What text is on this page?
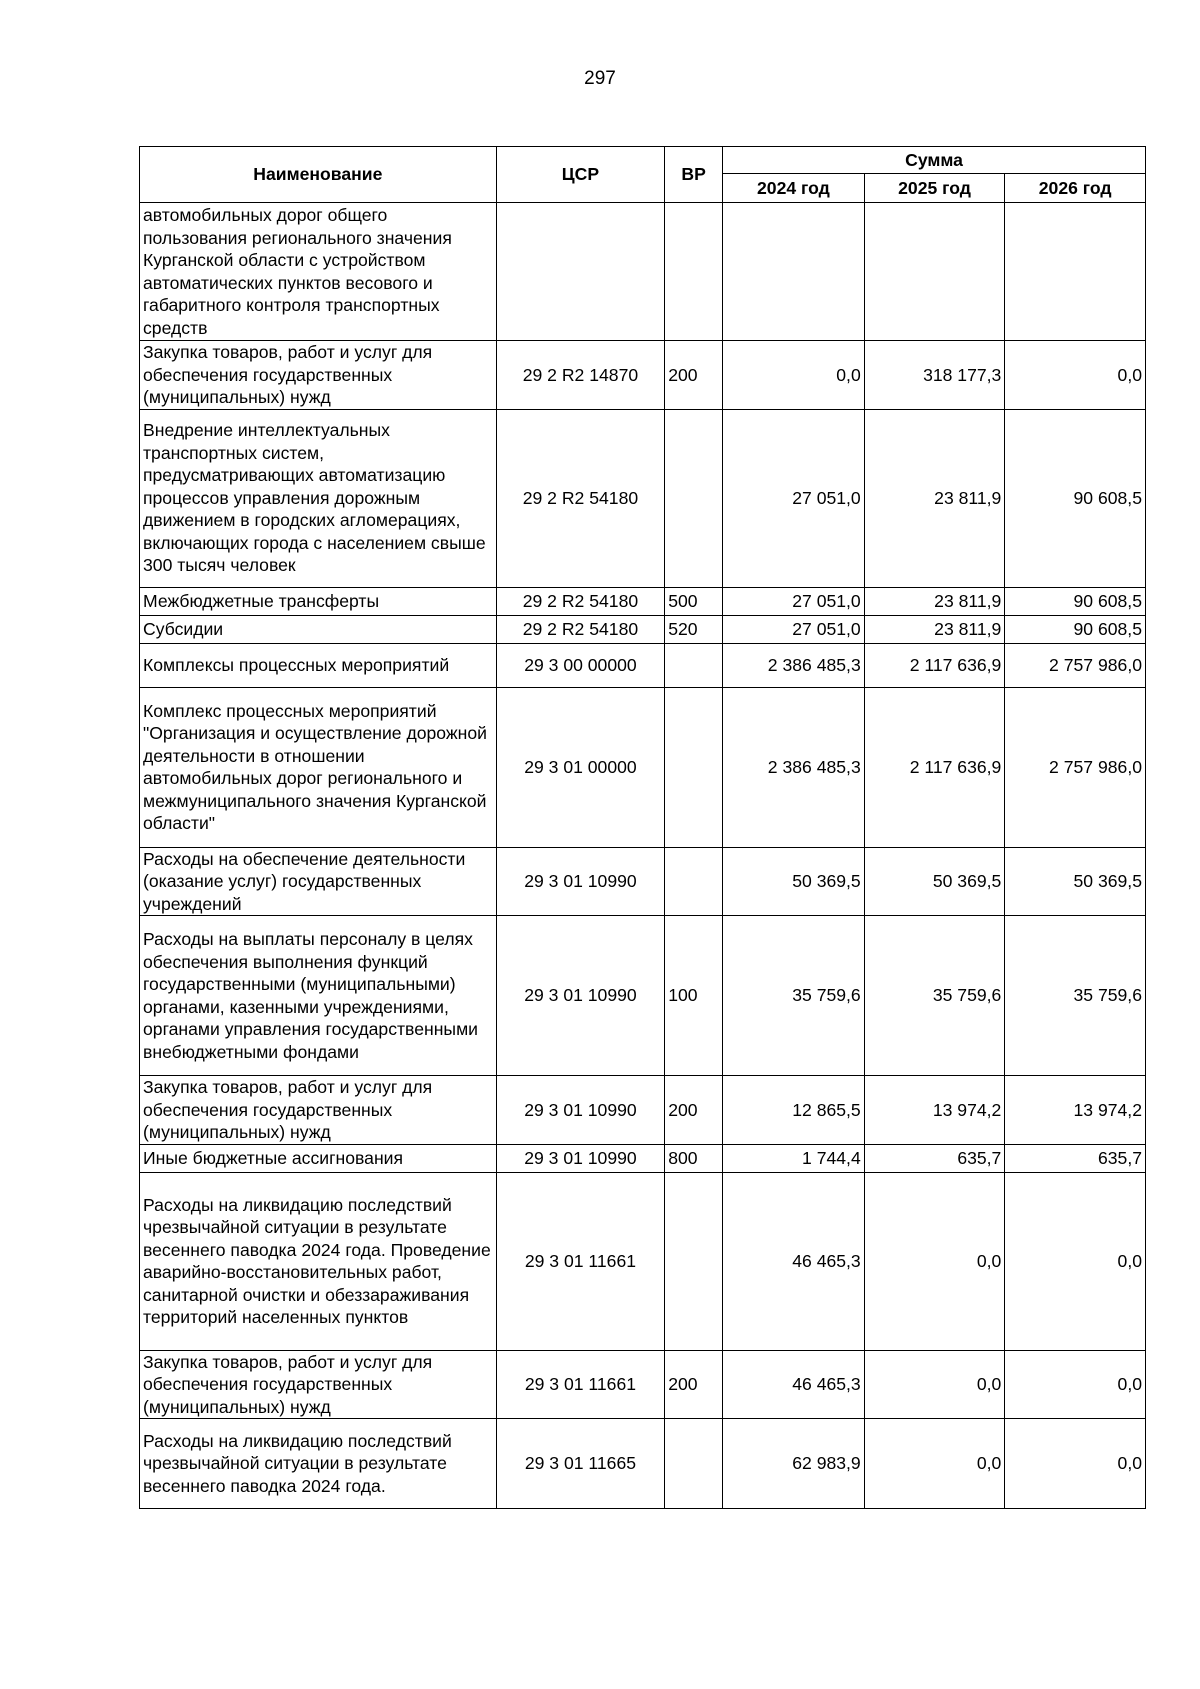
297
Наименование	ЦСР	ВР	Сумма		
			2024 год	2025 год	2026 год
автомобильных дорог общего пользования регионального значения Курганской области с устройством автоматических пунктов весового и габаритного контроля транспортных средств					
Закупка товаров, работ и услуг для обеспечения государственных (муниципальных) нужд	29 2 R2 14870	200	0,0	318 177,3	0,0
Внедрение интеллектуальных транспортных систем, предусматривающих автоматизацию процессов управления дорожным движением в городских агломерациях, включающих города с населением свыше 300 тысяч человек	29 2 R2 54180		27 051,0	23 811,9	90 608,5
Межбюджетные трансферты	29 2 R2 54180	500	27 051,0	23 811,9	90 608,5
Субсидии	29 2 R2 54180	520	27 051,0	23 811,9	90 608,5
Комплексы процессных мероприятий	29 3 00 00000		2 386 485,3	2 117 636,9	2 757 986,0
Комплекс процессных мероприятий "Организация и осуществление дорожной деятельности в отношении автомобильных дорог регионального и межмуниципального значения Курганской области"	29 3 01 00000		2 386 485,3	2 117 636,9	2 757 986,0
Расходы на обеспечение деятельности (оказание услуг) государственных учреждений	29 3 01 10990		50 369,5	50 369,5	50 369,5
Расходы на выплаты персоналу в целях обеспечения выполнения функций государственными (муниципальными) органами, казенными учреждениями, органами управления государственными внебюджетными фондами	29 3 01 10990	100	35 759,6	35 759,6	35 759,6
Закупка товаров, работ и услуг для обеспечения государственных (муниципальных) нужд	29 3 01 10990	200	12 865,5	13 974,2	13 974,2
Иные бюджетные ассигнования	29 3 01 10990	800	1 744,4	635,7	635,7
Расходы на ликвидацию последствий чрезвычайной ситуации в результате весеннего паводка 2024 года. Проведение аварийно-восстановительных работ, санитарной очистки и обеззараживания территорий населенных пунктов	29 3 01 11661		46 465,3	0,0	0,0
Закупка товаров, работ и услуг для обеспечения государственных (муниципальных) нужд	29 3 01 11661	200	46 465,3	0,0	0,0
Расходы на ликвидацию последствий чрезвычайной ситуации в результате весеннего паводка 2024 года.	29 3 01 11665		62 983,9	0,0	0,0
